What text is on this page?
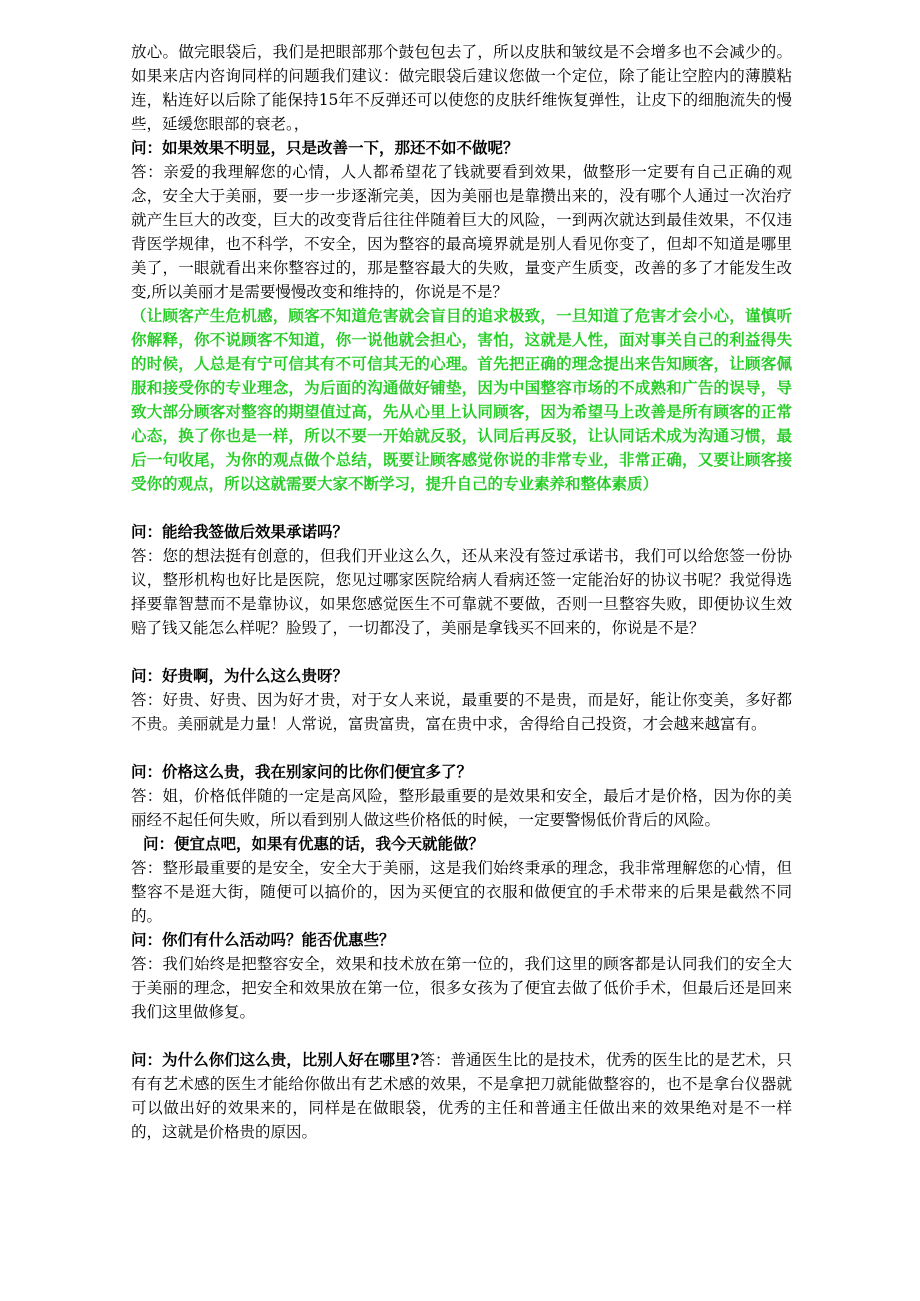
放心。做完眼袋后，我们是把眼部那个鼓包包去了，所以皮肤和皱纹是不会增多也不会减少的。如果来店内咨询同样的问题我们建议：做完眼袋后建议您做一个定位，除了能让空腔内的薄膜粘连，粘连好以后除了能保持15年不反弹还可以使您的皮肤纤维恢复弹性，让皮下的细胞流失的慢些，延缓您眼部的衰老。，

问：如果效果不明显，只是改善一下，那还不如不做呢？

答：亲爱的我理解您的心情，人人都希望花了钱就要看到效果，做整形一定要有自己正确的观念，安全大于美丽，要一步一步逐渐完美，因为美丽也是靠攒出来的，没有哪个人通过一次治疗就产生巨大的改变，巨大的改变背后往往伴随着巨大的风险，一到两次就达到最佳效果，不仅违背医学规律，也不科学，不安全，因为整容的最高境界就是别人看见你变了，但却不知道是哪里美了，一眼就看出来你整容过的，那是整容最大的失败，量变产生质变，改善的多了才能发生改变,所以美丽才是需要慢慢改变和维持的，你说是不是？

（让顾客产生危机感，顾客不知道危害就会盲目的追求极致，一旦知道了危害才会小心，谨慎听你解释，你不说顾客不知道，你一说他就会担心，害怕，这就是人性，面对事关自己的利益得失的时候，人总是有宁可信其有不可信其无的心理。首先把正确的理念提出来告知顾客，让顾客佩服和接受你的专业理念，为后面的沟通做好铺垫，因为中国整容市场的不成熟和广告的误导，导致大部分顾客对整容的期望值过高，先从心里上认同顾客，因为希望马上改善是所有顾客的正常心态，换了你也是一样，所以不要一开始就反驳，认同后再反驳，让认同话术成为沟通习惯，最后一句收尾，为你的观点做个总结，既要让顾客感觉你说的非常专业，非常正确，又要让顾客接受你的观点，所以这就需要大家不断学习，提升自己的专业素养和整体素质）

问：能给我签做后效果承诺吗？

答：您的想法挺有创意的，但我们开业这么久，还从来没有签过承诺书，我们可以给您签一份协议，整形机构也好比是医院，您见过哪家医院给病人看病还签一定能治好的协议书呢？我觉得选择要靠智慧而不是靠协议，如果您感觉医生不可靠就不要做，否则一旦整容失败，即便协议生效赔了钱又能怎么样呢？脸毁了，一切都没了，美丽是拿钱买不回来的，你说是不是？

问：好贵啊，为什么这么贵呀？

答：好贵、好贵、因为好才贵，对于女人来说，最重要的不是贵，而是好，能让你变美，多好都不贵。美丽就是力量！人常说，富贵富贵，富在贵中求，舍得给自己投资，才会越来越富有。

问：价格这么贵，我在别家问的比你们便宜多了？

答：姐，价格低伴随的一定是高风险，整形最重要的是效果和安全，最后才是价格，因为你的美丽经不起任何失败，所以看到别人做这些价格低的时候，一定要警惕低价背后的风险。

问：便宜点吧，如果有优惠的话，我今天就能做？

答：整形最重要的是安全，安全大于美丽，这是我们始终秉承的理念，我非常理解您的心情，但整容不是逛大街，随便可以搞价的，因为买便宜的衣服和做便宜的手术带来的后果是截然不同的。

问：你们有什么活动吗？能否优惠些？

答：我们始终是把整容安全，效果和技术放在第一位的，我们这里的顾客都是认同我们的安全大于美丽的理念，把安全和效果放在第一位，很多女孩为了便宜去做了低价手术，但最后还是回来我们这里做修复。

问：为什么你们这么贵，比别人好在哪里?答：普通医生比的是技术，优秀的医生比的是艺术，只有有艺术感的医生才能给你做出有艺术感的效果，不是拿把刀就能做整容的，也不是拿台仪器就可以做出好的效果来的，同样是在做眼袋，优秀的主任和普通主任做出来的效果绝对是不一样的，这就是价格贵的原因。
